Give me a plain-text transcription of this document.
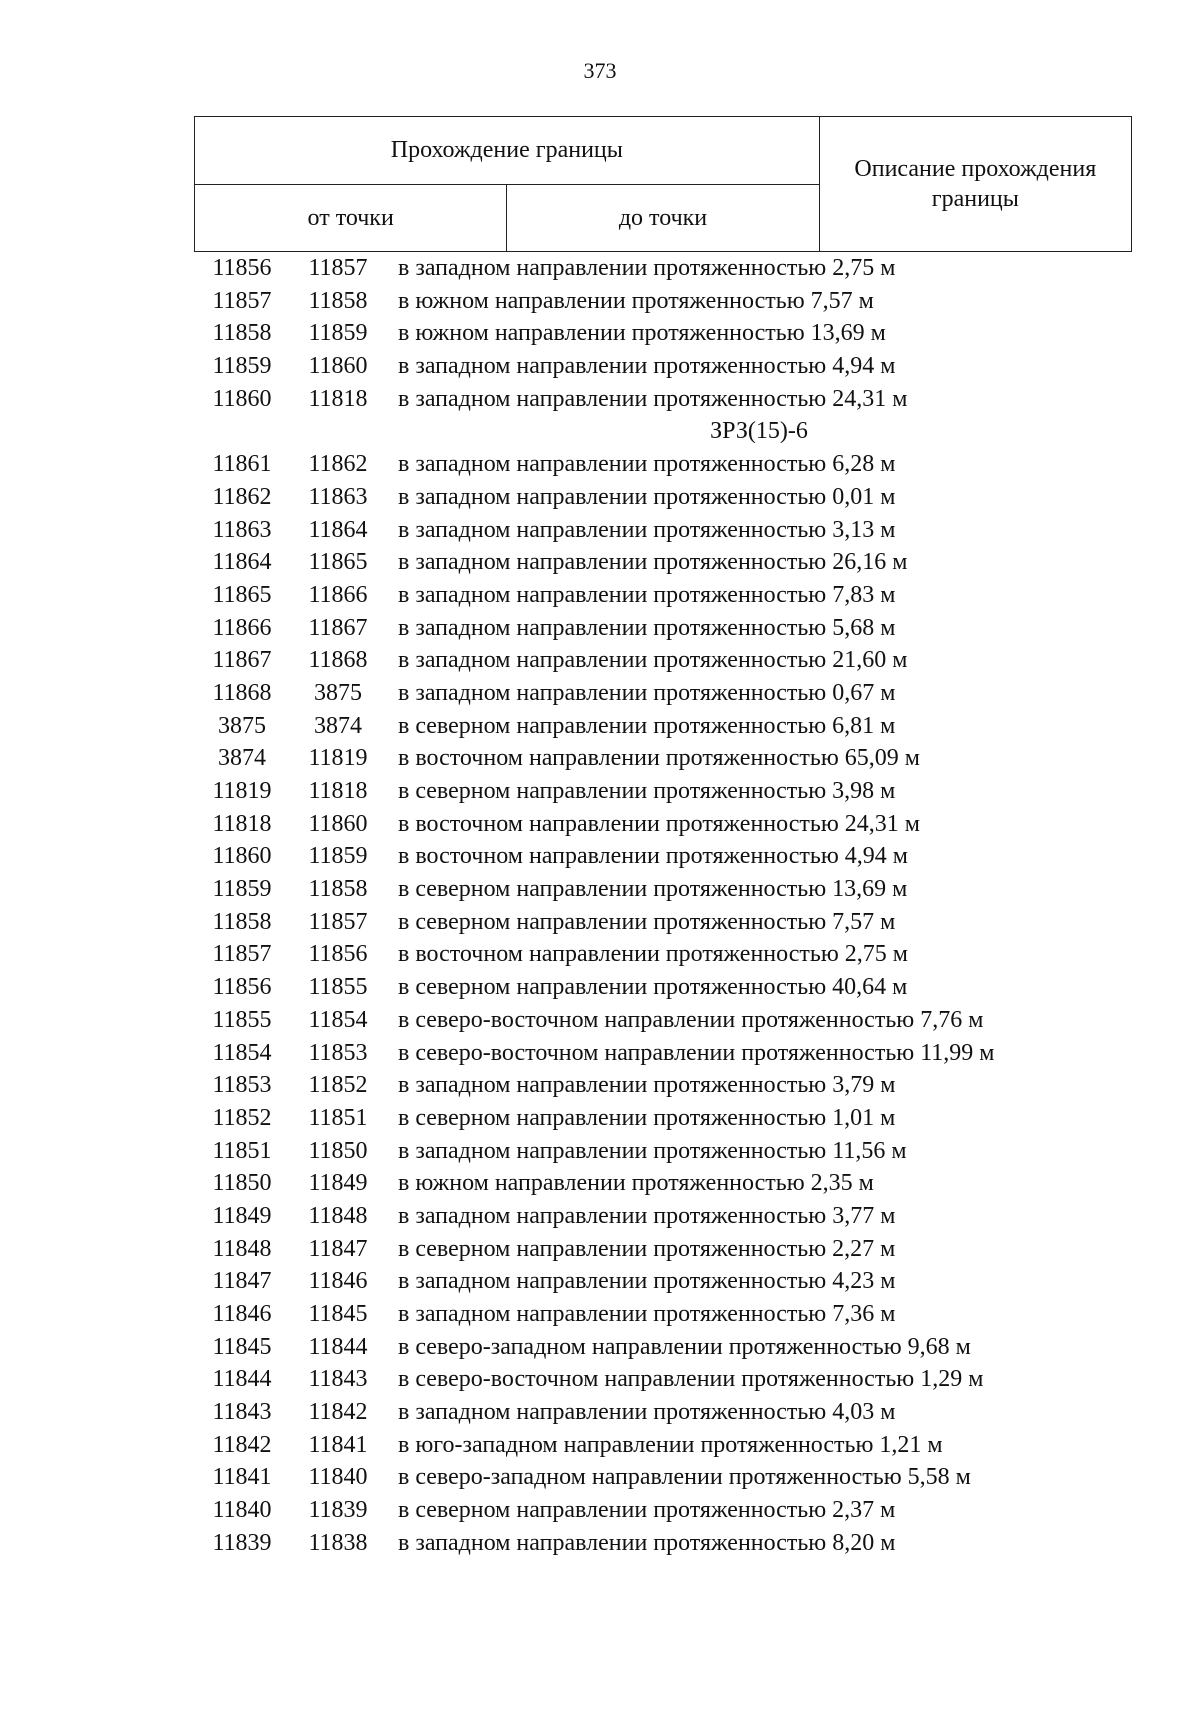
373
Прохождение границы		Описание прохождения границы
от точки	до точки	
11856	11857	в западном направлении протяженностью 2,75 м
11857	11858	в южном направлении протяженностью 7,57 м
11858	11859	в южном направлении протяженностью 13,69 м
11859	11860	в западном направлении протяженностью 4,94 м
11860	11818	в западном направлении протяженностью 24,31 м
ЗРЗ(15)-6
11861	11862	в западном направлении протяженностью 6,28 м
11862	11863	в западном направлении протяженностью 0,01 м
11863	11864	в западном направлении протяженностью 3,13 м
11864	11865	в западном направлении протяженностью 26,16 м
11865	11866	в западном направлении протяженностью 7,83 м
11866	11867	в западном направлении протяженностью 5,68 м
11867	11868	в западном направлении протяженностью 21,60 м
11868	3875	в западном направлении протяженностью 0,67 м
3875	3874	в северном направлении протяженностью 6,81 м
3874	11819	в восточном направлении протяженностью 65,09 м
11819	11818	в северном направлении протяженностью 3,98 м
11818	11860	в восточном направлении протяженностью 24,31 м
11860	11859	в восточном направлении протяженностью 4,94 м
11859	11858	в северном направлении протяженностью 13,69 м
11858	11857	в северном направлении протяженностью 7,57 м
11857	11856	в восточном направлении протяженностью 2,75 м
11856	11855	в северном направлении протяженностью 40,64 м
11855	11854	в северо-восточном направлении протяженностью 7,76 м
11854	11853	в северо-восточном направлении протяженностью 11,99 м
11853	11852	в западном направлении протяженностью 3,79 м
11852	11851	в северном направлении протяженностью 1,01 м
11851	11850	в западном направлении протяженностью 11,56 м
11850	11849	в южном направлении протяженностью 2,35 м
11849	11848	в западном направлении протяженностью 3,77 м
11848	11847	в северном направлении протяженностью 2,27 м
11847	11846	в западном направлении протяженностью 4,23 м
11846	11845	в западном направлении протяженностью 7,36 м
11845	11844	в северо-западном направлении протяженностью 9,68 м
11844	11843	в северо-восточном направлении протяженностью 1,29 м
11843	11842	в западном направлении протяженностью 4,03 м
11842	11841	в юго-западном направлении протяженностью 1,21 м
11841	11840	в северо-западном направлении протяженностью 5,58 м
11840	11839	в северном направлении протяженностью 2,37 м
11839	11838	в западном направлении протяженностью 8,20 м
